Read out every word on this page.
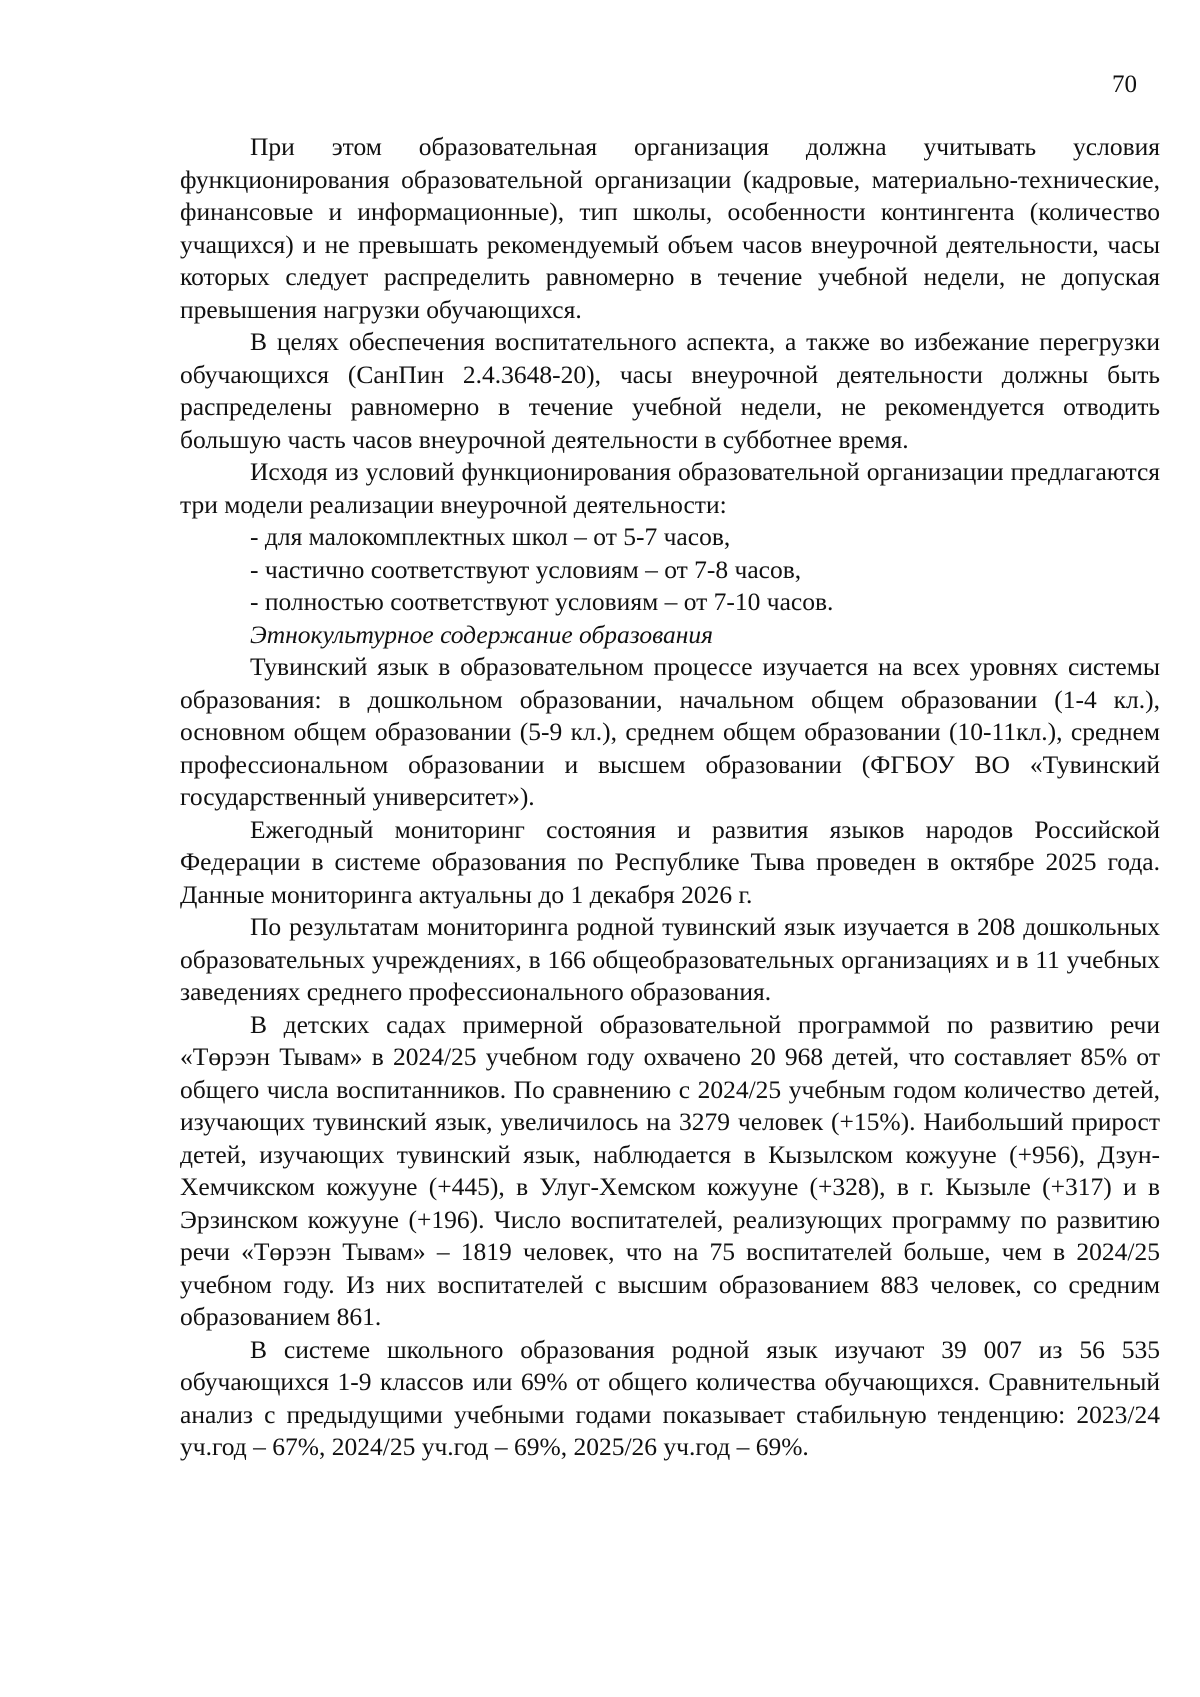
70

При этом образовательная организация должна учитывать условия функционирования образовательной организации (кадровые, материально-технические, финансовые и информационные), тип школы, особенности контингента (количество учащихся) и не превышать рекомендуемый объем часов внеурочной деятельности, часы которых следует распределить равномерно в течение учебной недели, не допуская превышения нагрузки обучающихся.

В целях обеспечения воспитательного аспекта, а также во избежание перегрузки обучающихся (СанПин 2.4.3648-20), часы внеурочной деятельности должны быть распределены равномерно в течение учебной недели, не рекомендуется отводить большую часть часов внеурочной деятельности в субботнее время.

Исходя из условий функционирования образовательной организации предлагаются три модели реализации внеурочной деятельности:

- для малокомплектных школ – от 5-7 часов,

- частично соответствуют условиям – от 7-8 часов,

- полностью соответствуют условиям – от 7-10 часов.

Этнокультурное содержание образования

Тувинский язык в образовательном процессе изучается на всех уровнях системы образования: в дошкольном образовании, начальном общем образовании (1-4 кл.), основном общем образовании (5-9 кл.), среднем общем образовании (10-11кл.), среднем профессиональном образовании и высшем образовании (ФГБОУ ВО «Тувинский государственный университет»).

Ежегодный мониторинг состояния и развития языков народов Российской Федерации в системе образования по Республике Тыва проведен в октябре 2025 года. Данные мониторинга актуальны до 1 декабря 2026 г.

По результатам мониторинга родной тувинский язык изучается в 208 дошкольных образовательных учреждениях, в 166 общеобразовательных организациях и в 11 учебных заведениях среднего профессионального образования.

В детских садах примерной образовательной программой по развитию речи «Төрээн Тывам» в 2024/25 учебном году охвачено 20 968 детей, что составляет 85% от общего числа воспитанников. По сравнению с 2024/25 учебным годом количество детей, изучающих тувинский язык, увеличилось на 3279 человек (+15%). Наибольший прирост детей, изучающих тувинский язык, наблюдается в Кызылском кожууне (+956), Дзун-Хемчикском кожууне (+445), в Улуг-Хемском кожууне (+328), в г. Кызыле (+317) и в Эрзинском кожууне (+196). Число воспитателей, реализующих программу по развитию речи «Төрээн Тывам» – 1819 человек, что на 75 воспитателей больше, чем в 2024/25 учебном году. Из них воспитателей с высшим образованием 883 человек, со средним образованием 861.

В системе школьного образования родной язык изучают 39 007 из 56 535 обучающихся 1-9 классов или 69% от общего количества обучающихся. Сравнительный анализ с предыдущими учебными годами показывает стабильную тенденцию: 2023/24 уч.год – 67%, 2024/25 уч.год – 69%, 2025/26 уч.год – 69%.
